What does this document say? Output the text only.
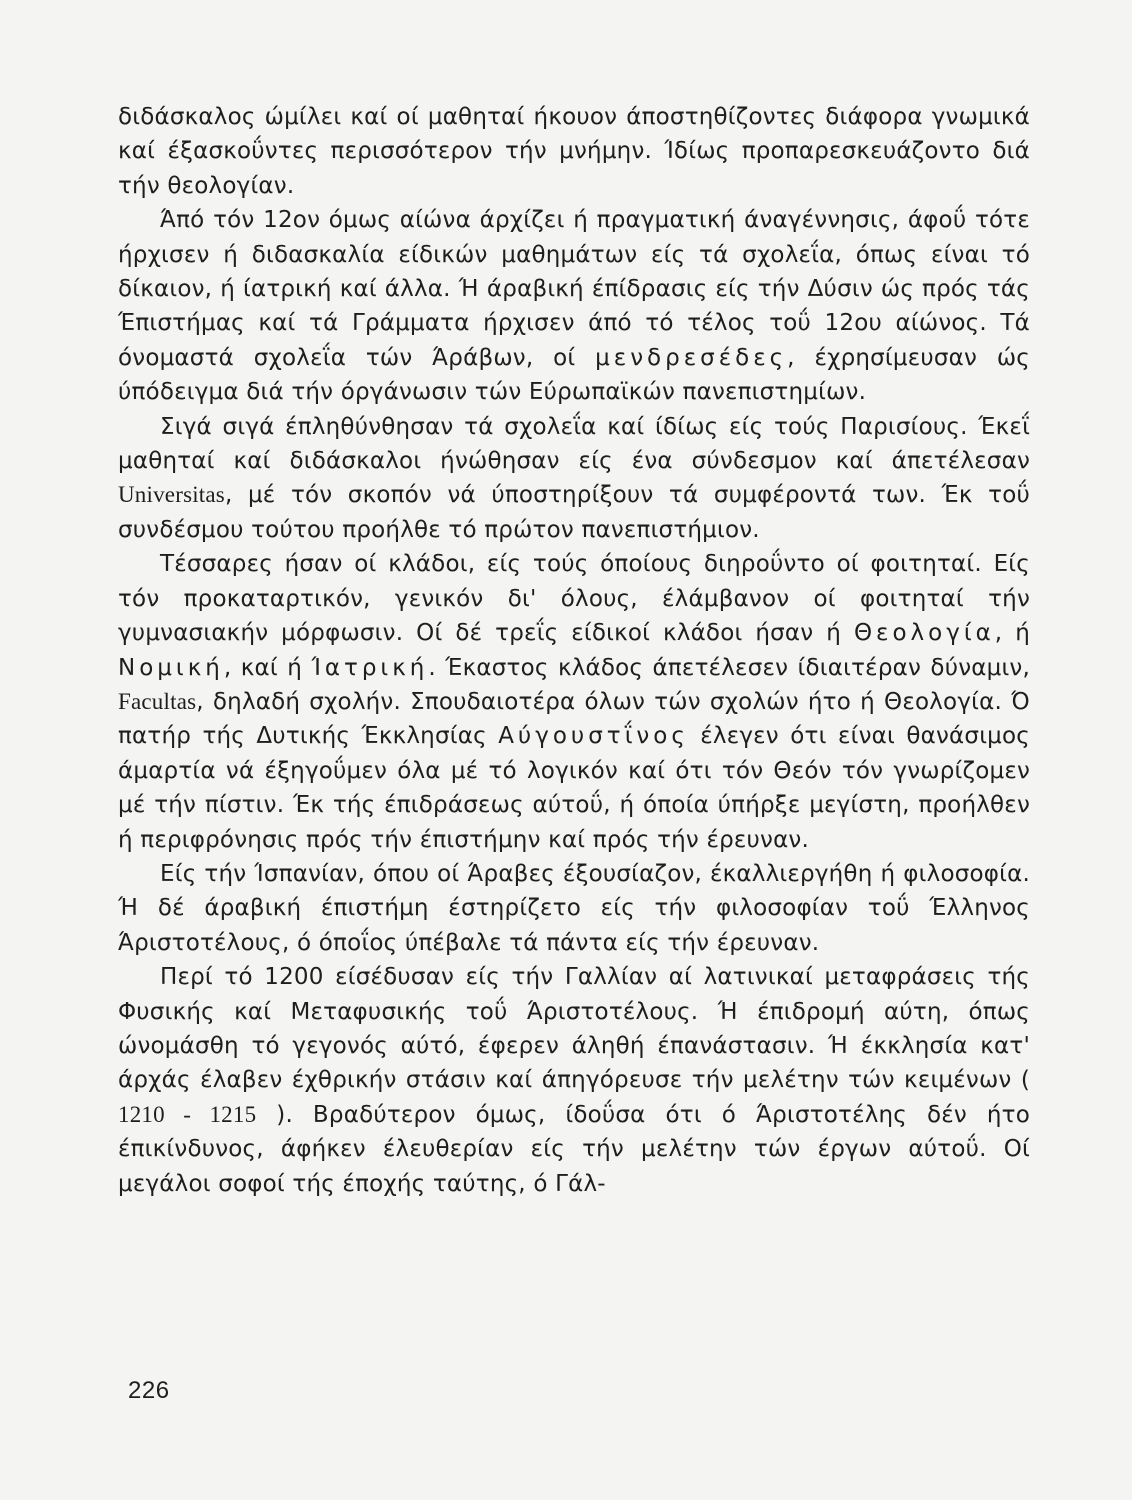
διδάσκαλος ώμίλει καί οί μαθηταί ήκουον άποστηθίζοντες διάφορα γνωμικά καί έξασκοΰντες περισσότερον τήν μνήμην. Ίδίως προπαρεσκευάζοντο διά τήν θεολογίαν.

Άπό τόν 12ον όμως αίώνα άρχίζει ή πραγματική άναγέννησις, άφοΰ τότε ήρχισεν ή διδασκαλία είδικών μαθημάτων είς τά σχολεΐα, όπως είναι τό δίκαιον, ή ίατρική καί άλλα. Ή άραβική έπίδρασις είς τήν Δύσιν ώς πρός τάς Έπιστήμας καί τά Γράμματα ήρχισεν άπό τό τέλος τοΰ 12ου αίώνος. Τά όνομαστά σχολεΐα τών Άράβων, οί μενδρεσέδες, έχρησίμευσαν ώς ύπόδειγμα διά τήν όργάνωσιν τών Εύρωπαϊκών πανεπιστημίων.

Σιγά σιγά έπληθύνθησαν τά σχολεΐα καί ίδίως είς τούς Παρισίους. Έκεΐ μαθηταί καί διδάσκαλοι ήνώθησαν είς ένα σύνδεσμον καί άπετέλεσαν Universitas, μέ τόν σκοπόν νά ύποστηρίξουν τά συμφέροντά των. Έκ τοΰ συνδέσμου τούτου προήλθε τό πρώτον πανεπιστήμιον.

Τέσσαρες ήσαν οί κλάδοι, είς τούς όποίους διηροΰντο οί φοιτηταί. Είς τόν προκαταρτικόν, γενικόν δι' όλους, έλάμβανον οί φοιτηταί τήν γυμνασιακήν μόρφωσιν. Οί δέ τρεΐς είδικοί κλάδοι ήσαν ή Θεολογία, ή Νομική, καί ή Ίατρική. Έκαστος κλάδος άπετέλεσεν ίδιαιτέραν δύναμιν, Facultas, δηλαδή σχολήν. Σπουδαιοτέρα όλων τών σχολών ήτο ή Θεολογία. Ό πατήρ τής Δυτικής Έκκλησίας Αύγουστΐνος έλεγεν ότι είναι θανάσιμος άμαρτία νά έξηγοΰμεν όλα μέ τό λογικόν καί ότι τόν Θεόν τόν γνωρίζομεν μέ τήν πίστιν. Έκ τής έπιδράσεως αύτοΰ, ή όποία ύπήρξε μεγίστη, προήλθεν ή περιφρόνησις πρός τήν έπιστήμην καί πρός τήν έρευναν.

Είς τήν Ίσπανίαν, όπου οί Άραβες έξουσίαζον, έκαλλιεργήθη ή φιλοσοφία. Ή δέ άραβική έπιστήμη έστηρίζετο είς τήν φιλοσοφίαν τοΰ Έλληνος Άριστοτέλους, ό όποΐος ύπέβαλε τά πάντα είς τήν έρευναν.

Περί τό 1200 είσέδυσαν είς τήν Γαλλίαν αί λατινικαί μεταφράσεις τής Φυσικής καί Μεταφυσικής τοΰ Άριστοτέλους. Ή έπιδρομή αύτη, όπως ώνομάσθη τό γεγονός αύτό, έφερεν άληθή έπανάστασιν. Ή έκκλησία κατ' άρχάς έλαβεν έχθρικήν στάσιν καί άπηγόρευσε τήν μελέτην τών κειμένων ( 1210 - 1215 ). Βραδύτερον όμως, ίδοΰσα ότι ό Άριστοτέλης δέν ήτο έπικίνδυνος, άφήκεν έλευθερίαν είς τήν μελέτην τών έργων αύτοΰ. Οί μεγάλοι σοφοί τής έποχής ταύτης, ό Γάλ-

226
